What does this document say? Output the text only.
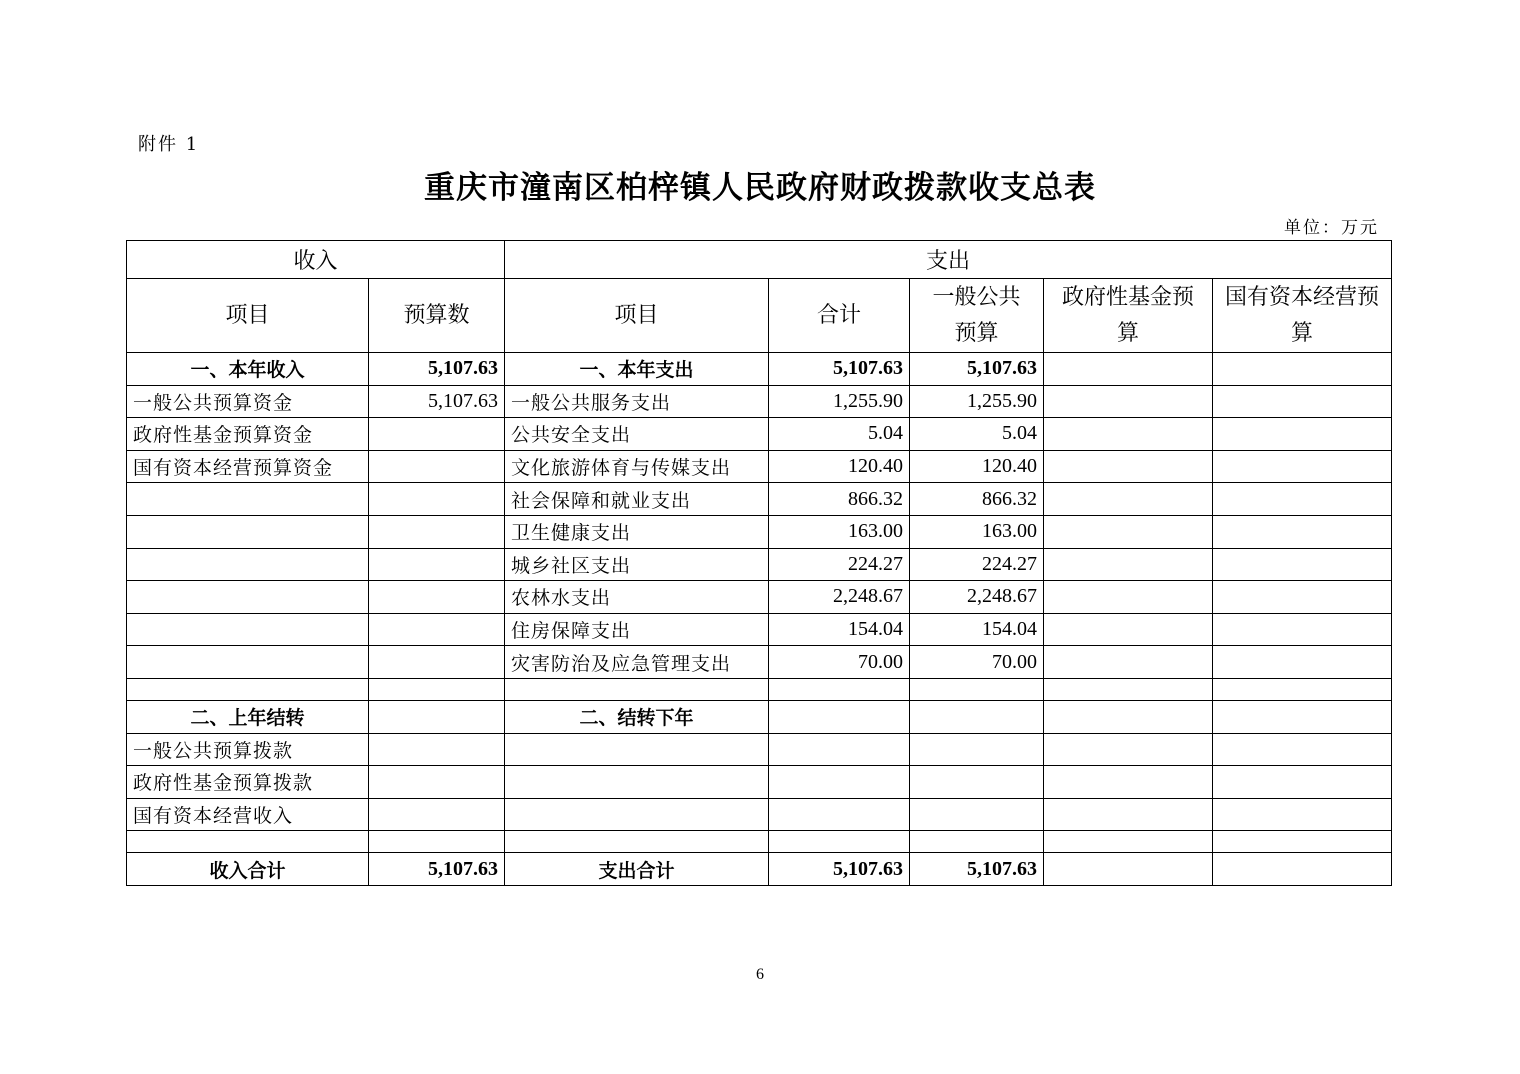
附件 1
重庆市潼南区柏梓镇人民政府财政拨款收支总表
单位：万元
收入		支出				
项目	预算数	项目	合计	一般公共预算	政府性基金预算	国有资本经营预算
一、本年收入	5,107.63	一、本年支出	5,107.63	5,107.63		
一般公共预算资金	5,107.63	一般公共服务支出	1,255.90	1,255.90		
政府性基金预算资金		公共安全支出	5.04	5.04		
国有资本经营预算资金		文化旅游体育与传媒支出	120.40	120.40		
		社会保障和就业支出	866.32	866.32		
		卫生健康支出	163.00	163.00		
		城乡社区支出	224.27	224.27		
		农林水支出	2,248.67	2,248.67		
		住房保障支出	154.04	154.04		
		灾害防治及应急管理支出	70.00	70.00		

二、上年结转		二、结转下年				
一般公共预算拨款						
政府性基金预算拨款						
国有资本经营收入						

收入合计	5,107.63	支出合计	5,107.63	5,107.63		
6
